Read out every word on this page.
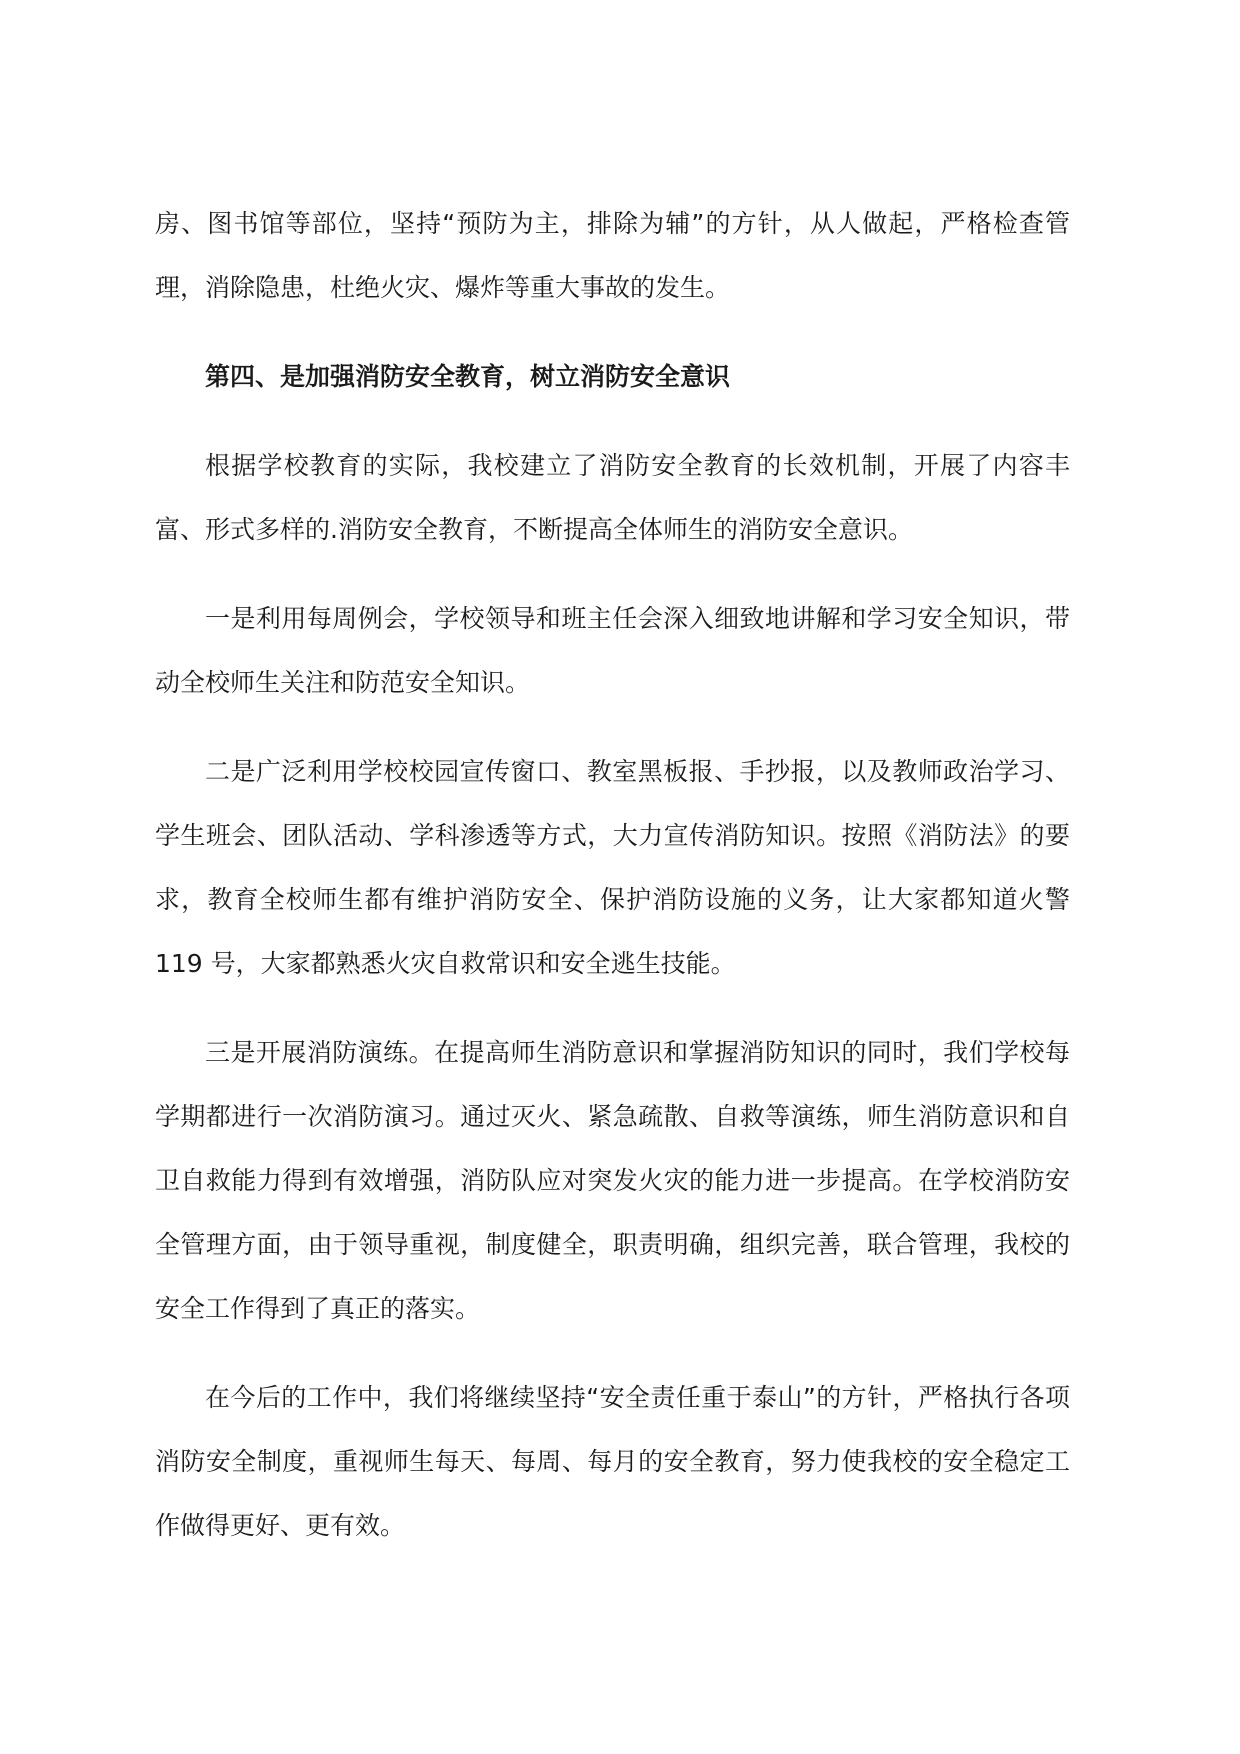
房、图书馆等部位，坚持“预防为主，排除为辅”的方针，从人做起，严格检查管理，消除隐患，杜绝火灾、爆炸等重大事故的发生。

第四、是加强消防安全教育，树立消防安全意识

根据学校教育的实际，我校建立了消防安全教育的长效机制，开展了内容丰富、形式多样的.消防安全教育，不断提高全体师生的消防安全意识。

一是利用每周例会，学校领导和班主任会深入细致地讲解和学习安全知识，带动全校师生关注和防范安全知识。

二是广泛利用学校校园宣传窗口、教室黑板报、手抄报，以及教师政治学习、学生班会、团队活动、学科渗透等方式，大力宣传消防知识。按照《消防法》的要求，教育全校师生都有维护消防安全、保护消防设施的义务，让大家都知道火警 119 号，大家都熟悉火灾自救常识和安全逃生技能。

三是开展消防演练。在提高师生消防意识和掌握消防知识的同时，我们学校每学期都进行一次消防演习。通过灭火、紧急疏散、自救等演练，师生消防意识和自卫自救能力得到有效增强，消防队应对突发火灾的能力进一步提高。在学校消防安全管理方面，由于领导重视，制度健全，职责明确，组织完善，联合管理，我校的安全工作得到了真正的落实。

在今后的工作中，我们将继续坚持“安全责任重于泰山”的方针，严格执行各项消防安全制度，重视师生每天、每周、每月的安全教育，努力使我校的安全稳定工作做得更好、更有效。
